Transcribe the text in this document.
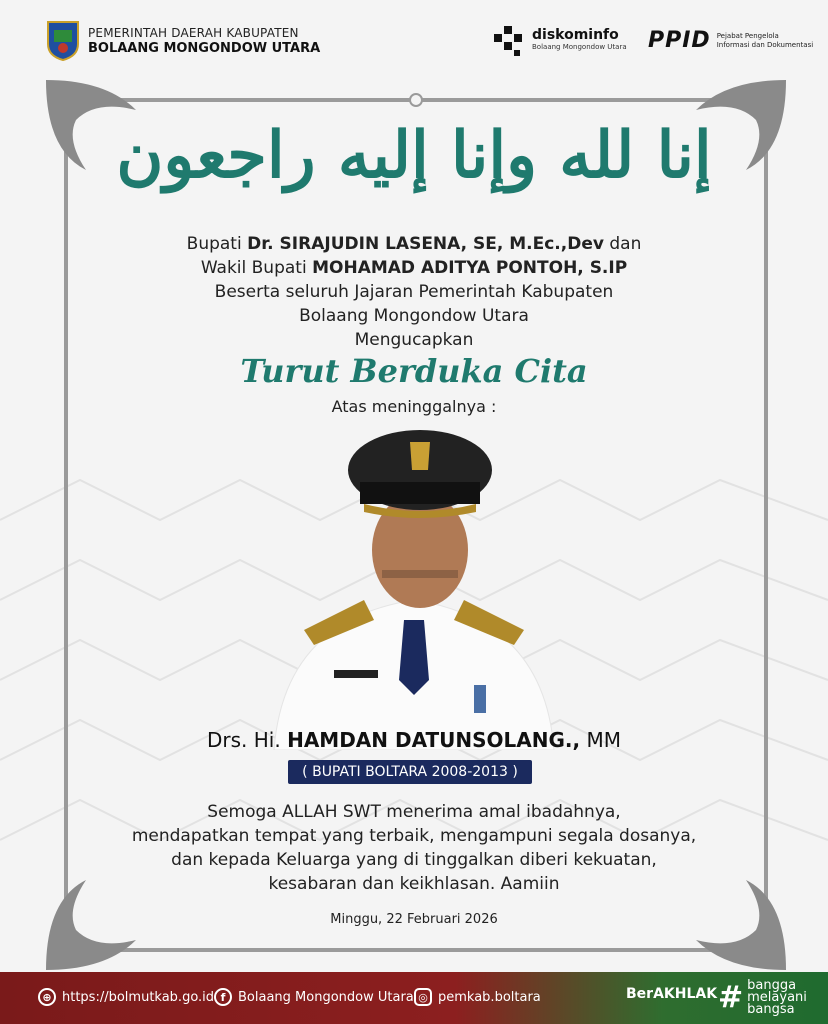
PEMERINTAH DAERAH KABUPATEN
BOLAANG MONGONDOW UTARA
diskominfo
Bolaang Mongondow Utara PPID Pejabat Pengelola
Informasi dan Dokumentasi
إنا لله وإنا إليه راجعون
Bupati Dr. SIRAJUDIN LASENA, SE, M.Ec.,Dev dan
Wakil Bupati MOHAMAD ADITYA PONTOH, S.IP
Beserta seluruh Jajaran Pemerintah Kabupaten
Bolaang Mongondow Utara
Mengucapkan
Turut Berduka Cita
Atas meninggalnya :
Drs. Hi. HAMDAN DATUNSOLANG., MM
( BUPATI BOLTARA 2008-2013 )
Semoga ALLAH SWT menerima amal ibadahnya,
mendapatkan tempat yang terbaik, mengampuni segala dosanya,
dan kepada Keluarga yang di tinggalkan diberi kekuatan,
kesabaran dan keikhlasan. Aamiin
Minggu, 22 Februari 2026
⊕ https://bolmutkab.go.id f Bolaang Mongondow Utara ◎ pemkab.boltara	BerAKHLAK # bangga
melayani
bangsa
